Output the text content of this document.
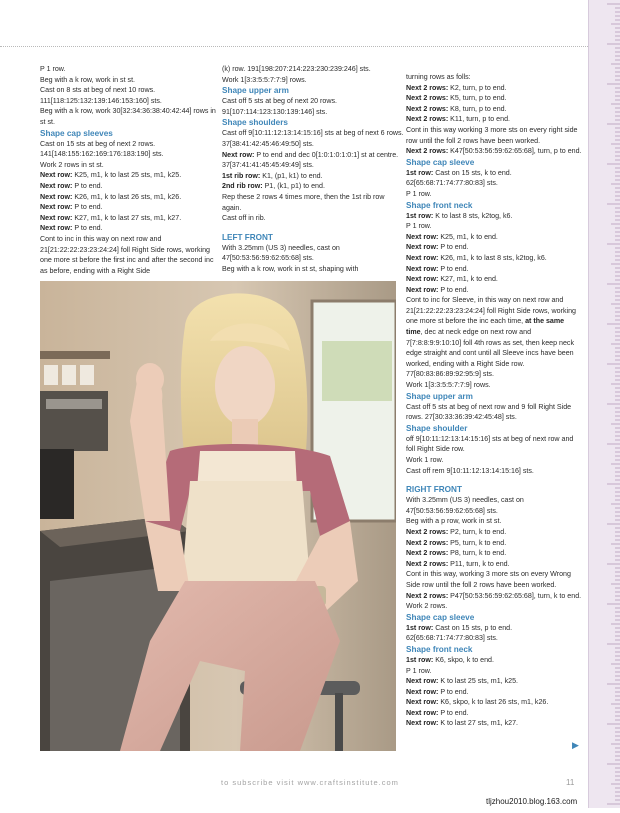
P 1 row.

Beg with a k row, work in st st.

Cast on 8 sts at beg of next 10 rows.

111[118:125:132:139:146:153:160] sts.

Beg with a k row, work 30[32:34:36:38:40:42:44] rows in st st.

Shape cap sleeves

Cast on 15 sts at beg of next 2 rows.

141[148:155:162:169:176:183:190] sts.

Work 2 rows in st st.

Next row: K25, m1, k to last 25 sts, m1, k25.

Next row: P to end.

Next row: K26, m1, k to last 26 sts, m1, k26.

Next row: P to end.

Next row: K27, m1, k to last 27 sts, m1, k27.

Next row: P to end.

Cont to inc in this way on next row and 21[21:22:22:23:23:24:24] foll Right Side rows, working one more st before the first inc and after the second inc as before, ending with a Right Side

(k) row. 191[198:207:214:223:230:239:246] sts.

Work 1[3:3:5:5:7:7:9] rows.

Shape upper arm

Cast off 5 sts at beg of next 20 rows.

91[107:114:123:130:139:146] sts.

Shape shoulders

Cast off 9[10:11:12:13:14:15:16] sts at beg of next 6 rows. 37[38:41:42:45:46:49:50] sts.

Next row: P to end and dec 0[1:0:1:0:1:0:1] st at centre. 37[37:41:41:45:45:49:49] sts.

1st rib row: K1, (p1, k1) to end.

2nd rib row: P1, (k1, p1) to end.

Rep these 2 rows 4 times more, then the 1st rib row again.

Cast off in rib.

LEFT FRONT

With 3.25mm (US 3) needles, cast on 47[50:53:56:59:62:65:68] sts.

Beg with a k row, work in st st, shaping with

turning rows as folls:

Next 2 rows: K2, turn, p to end.

Next 2 rows: K5, turn, p to end.

Next 2 rows: K8, turn, p to end.

Next 2 rows: K11, turn, p to end.

Cont in this way working 3 more sts on every right side row until the foll 2 rows have been worked.

Next 2 rows: K47[50:53:56:59:62:65:68], turn, p to end.

Shape cap sleeve

1st row: Cast on 15 sts, k to end.

62[65:68:71:74:77:80:83] sts.

P 1 row.

Shape front neck

1st row: K to last 8 sts, k2tog, k6.

P 1 row.

Next row: K25, m1, k to end.

Next row: P to end.

Next row: K26, m1, k to last 8 sts, k2tog, k6.

Next row: P to end.

Next row: K27, m1, k to end.

Next row: P to end.

Cont to inc for Sleeve, in this way on next row and 21[21:22:22:23:23:24:24] foll Right Side rows, working one more st before the inc each time, at the same time, dec at neck edge on next row and 7[7:8:8:9:9:10:10] foll 4th rows as set, then keep neck edge straight and cont until all Sleeve incs have been worked, ending with a Right Side row. 77[80:83:86:89:92:95:9] sts.

Work 1[3:3:5:5:7:7:9] rows.

Shape upper arm

Cast off 5 sts at beg of next row and 9 foll Right Side rows. 27[30:33:36:39:42:45:48] sts.

Shape shoulder

off 9[10:11:12:13:14:15:16] sts at beg of next row and foll Right Side row.

Work 1 row.

Cast off rem 9[10:11:12:13:14:15:16] sts.

RIGHT FRONT

With 3.25mm (US 3) needles, cast on 47[50:53:56:59:62:65:68] sts.

Beg with a p row, work in st st.

Next 2 rows: P2, turn, k to end.

Next 2 rows: P5, turn, k to end.

Next 2 rows: P8, turn, k to end.

Next 2 rows: P11, turn, k to end.

Cont in this way, working 3 more sts on every Wrong Side row until the foll 2 rows have been worked.

Next 2 rows: P47[50:53:56:59:62:65:68], turn, k to end.

Work 2 rows.

Shape cap sleeve

1st row: Cast on 15 sts, p to end.

62[65:68:71:74:77:80:83] sts.

Shape front neck

1st row: K6, skpo, k to end.

P 1 row.

Next row: K to last 25 sts, m1, k25.

Next row: P to end.

Next row: K6, skpo, k to last 26 sts, m1, k26.

Next row: P to end.

Next row: K to last 27 sts, m1, k27.

▶
to subscribe visit www.craftsinstitute.com	11
tljzhou2010.blog.163.com
